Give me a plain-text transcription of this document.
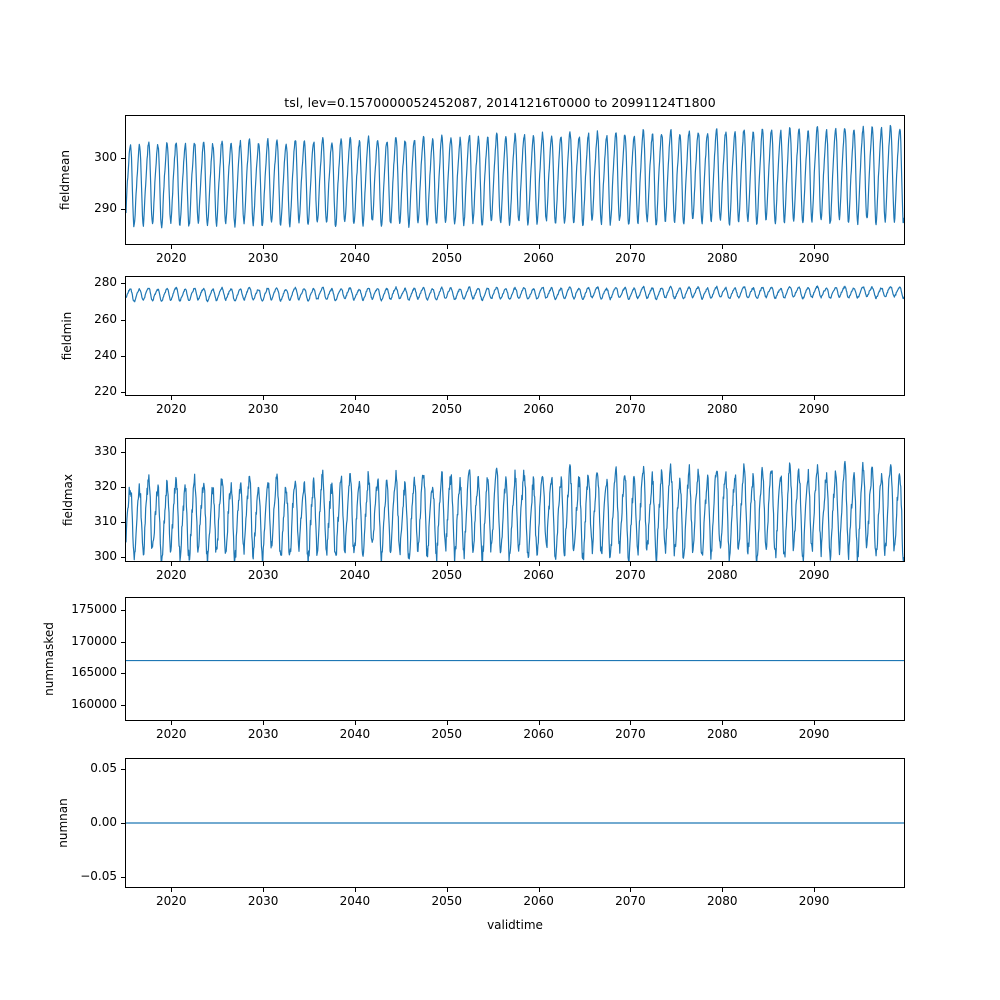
tsl, lev=0.1570000052452087, 20141216T0000 to 20991124T1800
fieldmean
fieldmin
fieldmax
nummasked
numnan
validtime
290
300
2020	2030	2040	2050	2060	2070	2080	2090
220
240
260
280
2020	2030	2040	2050	2060	2070	2080	2090
300
310
320
330
2020	2030	2040	2050	2060	2070	2080	2090
160000
165000
170000
175000
2020	2030	2040	2050	2060	2070	2080	2090
−0.05
0.00
0.05
2020	2030	2040	2050	2060	2070	2080	2090
